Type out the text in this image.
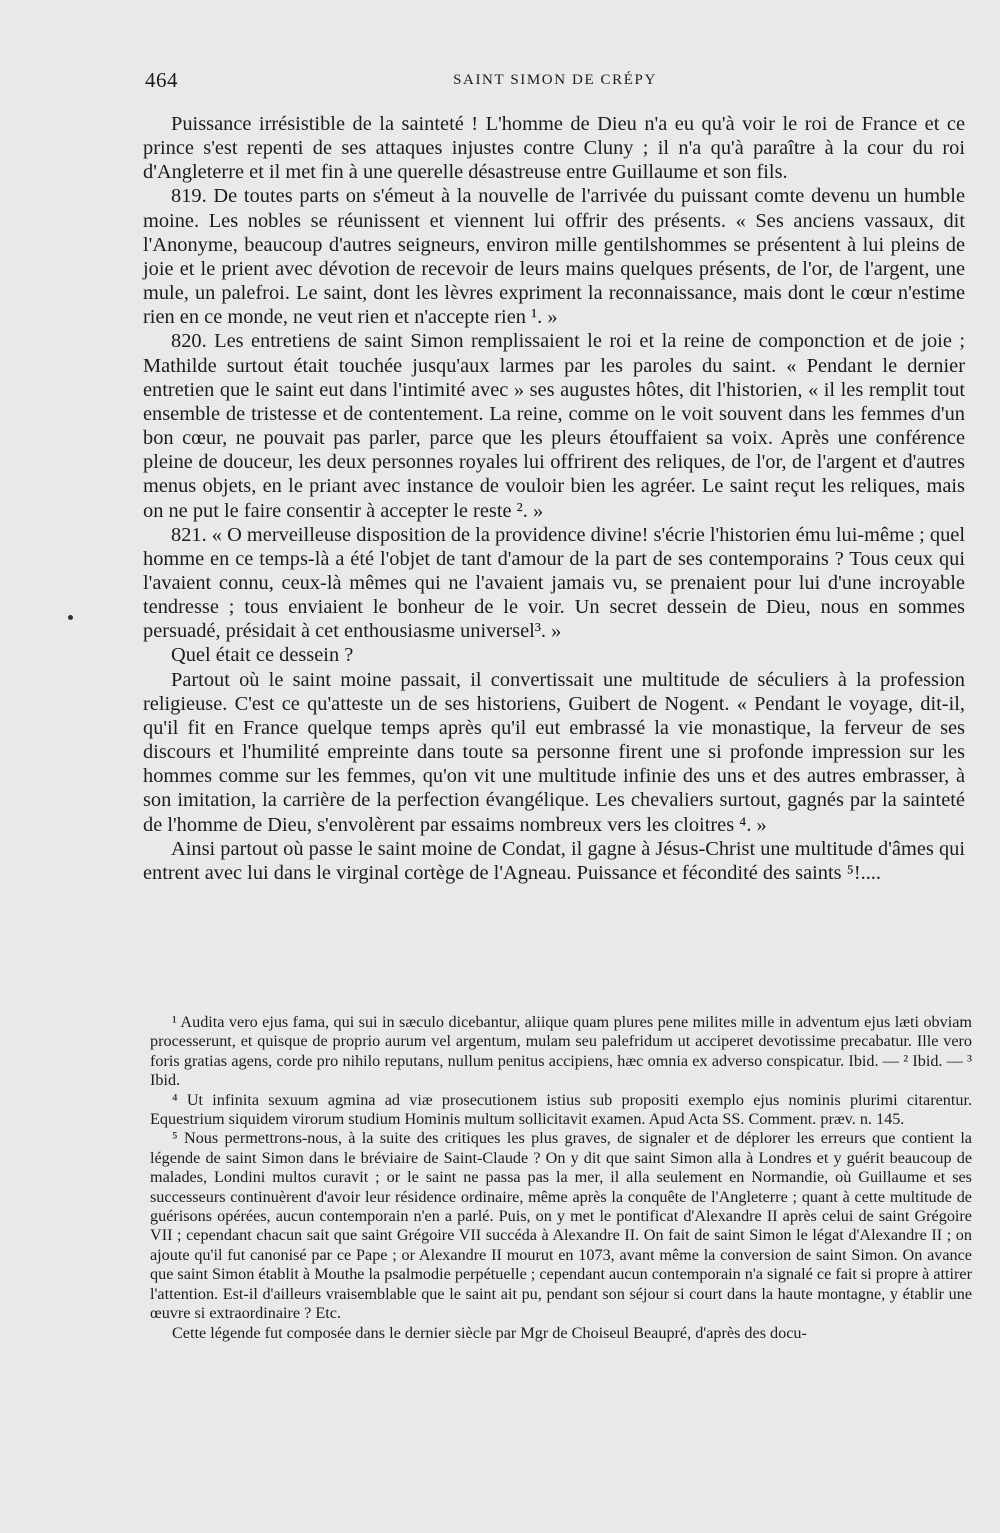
464	SAINT SIMON DE CRÉPY

Puissance irrésistible de la sainteté ! L'homme de Dieu n'a eu qu'à voir le roi de France et ce prince s'est repenti de ses attaques injustes contre Cluny ; il n'a qu'à paraître à la cour du roi d'Angleterre et il met fin à une querelle désastreuse entre Guillaume et son fils.

819. De toutes parts on s'émeut à la nouvelle de l'arrivée du puissant comte devenu un humble moine. Les nobles se réunissent et viennent lui offrir des présents. « Ses anciens vassaux, dit l'Anonyme, beaucoup d'autres seigneurs, environ mille gentilshommes se présentent à lui pleins de joie et le prient avec dévotion de recevoir de leurs mains quelques présents, de l'or, de l'argent, une mule, un palefroi. Le saint, dont les lèvres expriment la reconnaissance, mais dont le cœur n'estime rien en ce monde, ne veut rien et n'accepte rien ¹. »

820. Les entretiens de saint Simon remplissaient le roi et la reine de componction et de joie ; Mathilde surtout était touchée jusqu'aux larmes par les paroles du saint. « Pendant le dernier entretien que le saint eut dans l'intimité avec » ses augustes hôtes, dit l'historien, « il les remplit tout ensemble de tristesse et de contentement. La reine, comme on le voit souvent dans les femmes d'un bon cœur, ne pouvait pas parler, parce que les pleurs étouffaient sa voix. Après une conférence pleine de douceur, les deux personnes royales lui offrirent des reliques, de l'or, de l'argent et d'autres menus objets, en le priant avec instance de vouloir bien les agréer. Le saint reçut les reliques, mais on ne put le faire consentir à accepter le reste ². »

821. « O merveilleuse disposition de la providence divine! s'écrie l'historien ému lui-même ; quel homme en ce temps-là a été l'objet de tant d'amour de la part de ses contemporains ? Tous ceux qui l'avaient connu, ceux-là mêmes qui ne l'avaient jamais vu, se prenaient pour lui d'une incroyable tendresse ; tous enviaient le bonheur de le voir. Un secret dessein de Dieu, nous en sommes persuadé, présidait à cet enthousiasme universel³. »

Quel était ce dessein ?

Partout où le saint moine passait, il convertissait une multitude de séculiers à la profession religieuse. C'est ce qu'atteste un de ses historiens, Guibert de Nogent. « Pendant le voyage, dit-il, qu'il fit en France quelque temps après qu'il eut embrassé la vie monastique, la ferveur de ses discours et l'humilité empreinte dans toute sa personne firent une si profonde impression sur les hommes comme sur les femmes, qu'on vit une multitude infinie des uns et des autres embrasser, à son imitation, la carrière de la perfection évangélique. Les chevaliers surtout, gagnés par la sainteté de l'homme de Dieu, s'envolèrent par essaims nombreux vers les cloitres ⁴. »

Ainsi partout où passe le saint moine de Condat, il gagne à Jésus-Christ une multitude d'âmes qui entrent avec lui dans le virginal cortège de l'Agneau. Puissance et fécondité des saints ⁵!....

¹ Audita vero ejus fama, qui sui in sæculo dicebantur, aliique quam plures pene milites mille in adventum ejus læti obviam processerunt, et quisque de proprio aurum vel argentum, mulam seu palefridum ut acciperet devotissime precabatur. Ille vero foris gratias agens, corde pro nihilo reputans, nullum penitus accipiens, hæc omnia ex adverso conspicatur. Ibid. — ² Ibid. — ³ Ibid.

⁴ Ut infinita sexuum agmina ad viæ prosecutionem istius sub propositi exemplo ejus nominis plurimi citarentur. Equestrium siquidem virorum studium Hominis multum sollicitavit examen. Apud Acta SS. Comment. præv. n. 145.

⁵ Nous permettrons-nous, à la suite des critiques les plus graves, de signaler et de déplorer les erreurs que contient la légende de saint Simon dans le bréviaire de Saint-Claude ? On y dit que saint Simon alla à Londres et y guérit beaucoup de malades, Londini multos curavit ; or le saint ne passa pas la mer, il alla seulement en Normandie, où Guillaume et ses successeurs continuèrent d'avoir leur résidence ordinaire, même après la conquête de l'Angleterre ; quant à cette multitude de guérisons opérées, aucun contemporain n'en a parlé. Puis, on y met le pontificat d'Alexandre II après celui de saint Grégoire VII ; cependant chacun sait que saint Grégoire VII succéda à Alexandre II. On fait de saint Simon le légat d'Alexandre II ; on ajoute qu'il fut canonisé par ce Pape ; or Alexandre II mourut en 1073, avant même la conversion de saint Simon. On avance que saint Simon établit à Mouthe la psalmodie perpétuelle ; cependant aucun contemporain n'a signalé ce fait si propre à attirer l'attention. Est-il d'ailleurs vraisemblable que le saint ait pu, pendant son séjour si court dans la haute montagne, y établir une œuvre si extraordinaire ? Etc.

Cette légende fut composée dans le dernier siècle par Mgr de Choiseul Beaupré, d'après des docu-
